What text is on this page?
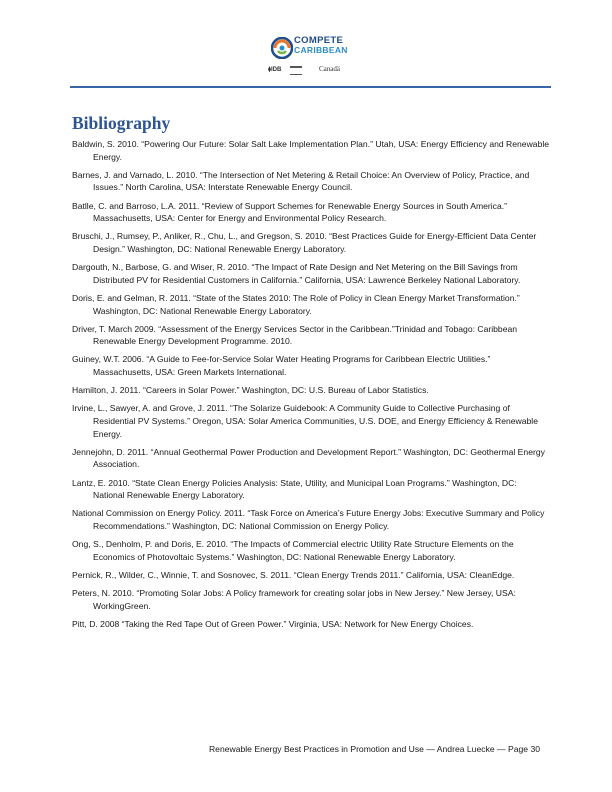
COMPETE
CARIBBEAN
⧫IDB	Canadä
Bibliography

Baldwin, S. 2010. “Powering Our Future: Solar Salt Lake Implementation Plan.” Utah, USA: Energy Efficiency and Renewable Energy.

Barnes, J. and Varnado, L. 2010. “The Intersection of Net Metering & Retail Choice: An Overview of Policy, Practice, and Issues.” North Carolina, USA: Interstate Renewable Energy Council.

Batlle, C. and Barroso, L.A. 2011. “Review of Support Schemes for Renewable Energy Sources in South America.” Massachusetts, USA: Center for Energy and Environmental Policy Research.

Bruschi, J., Rumsey, P., Anliker, R., Chu, L., and Gregson, S. 2010. “Best Practices Guide for Energy-Efficient Data Center Design.” Washington, DC: National Renewable Energy Laboratory.

Dargouth, N., Barbose, G. and Wiser, R. 2010. “The Impact of Rate Design and Net Metering on the Bill Savings from Distributed PV for Residential Customers in California.” California, USA: Lawrence Berkeley National Laboratory.

Doris, E. and Gelman, R. 2011. “State of the States 2010: The Role of Policy in Clean Energy Market Transformation.” Washington, DC: National Renewable Energy Laboratory.

Driver, T. March 2009. “Assessment of the Energy Services Sector in the Caribbean.”Trinidad and Tobago: Caribbean Renewable Energy Development Programme. 2010.

Guiney, W.T. 2006. “A Guide to Fee-for-Service Solar Water Heating Programs for Caribbean Electric Utilities.” Massachusetts, USA: Green Markets International.

Hamilton, J. 2011. “Careers in Solar Power.” Washington, DC: U.S. Bureau of Labor Statistics.

Irvine, L., Sawyer, A. and Grove, J. 2011. “The Solarize Guidebook: A Community Guide to Collective Purchasing of Residential PV Systems.” Oregon, USA: Solar America Communities, U.S. DOE, and Energy Efficiency & Renewable Energy.

Jennejohn, D. 2011. “Annual Geothermal Power Production and Development Report.” Washington, DC: Geothermal Energy Association.

Lantz, E. 2010. “State Clean Energy Policies Analysis: State, Utility, and Municipal Loan Programs.” Washington, DC: National Renewable Energy Laboratory.

National Commission on Energy Policy. 2011. “Task Force on America’s Future Energy Jobs: Executive Summary and Policy Recommendations.” Washington, DC: National Commission on Energy Policy.

Ong, S., Denholm, P. and Doris, E. 2010. “The Impacts of Commercial electric Utility Rate Structure Elements on the Economics of Photovoltaic Systems.” Washington, DC: National Renewable Energy Laboratory.

Pernick, R., Wilder, C., Winnie, T. and Sosnovec, S. 2011. “Clean Energy Trends 2011.” California, USA: CleanEdge.

Peters, N. 2010. “Promoting Solar Jobs: A Policy framework for creating solar jobs in New Jersey.” New Jersey, USA: WorkingGreen.

Pitt, D. 2008 “Taking the Red Tape Out of Green Power.” Virginia, USA: Network for New Energy Choices.

Renewable Energy Best Practices in Promotion and Use — Andrea Luecke — Page 30
